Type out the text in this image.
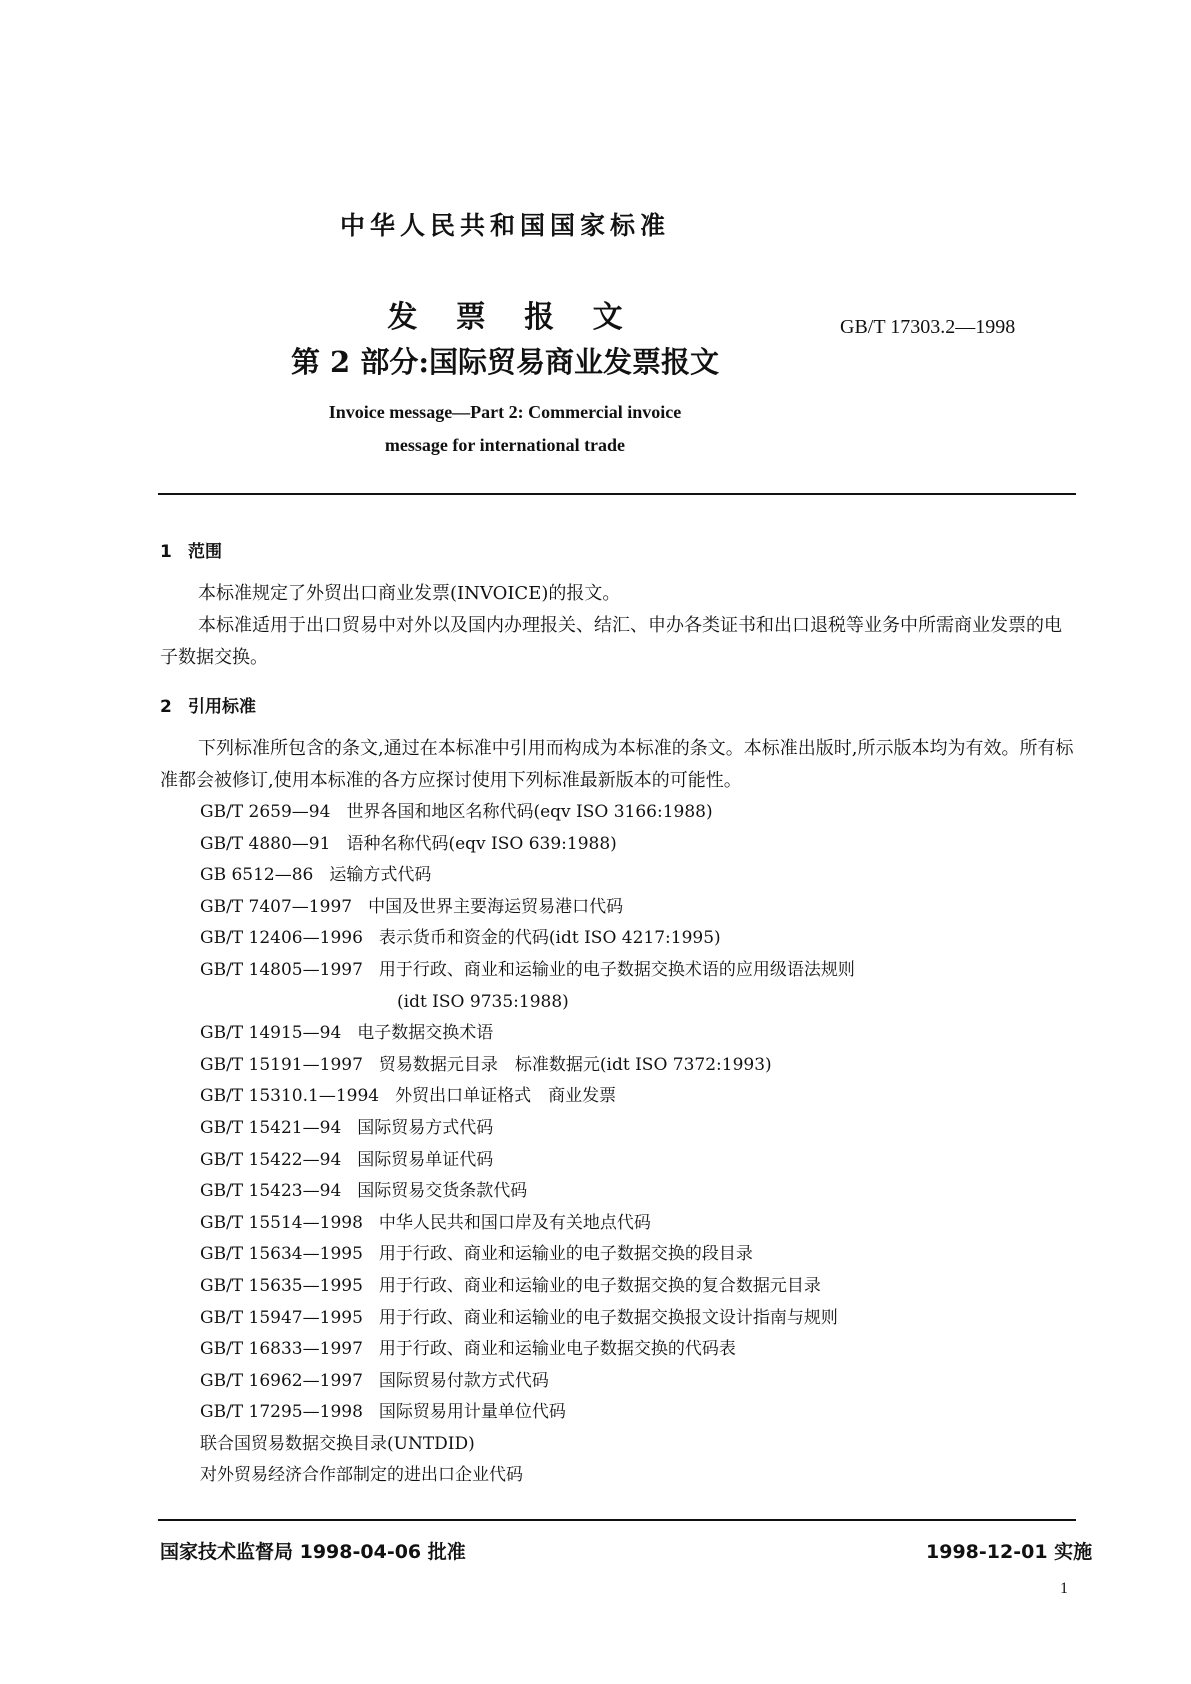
中华人民共和国国家标准
发 票 报 文
第 2 部分:国际贸易商业发票报文
GB/T 17303.2—1998
Invoice message—Part 2: Commercial invoice
message for international trade
1 范围
本标准规定了外贸出口商业发票(INVOICE)的报文。
本标准适用于出口贸易中对外以及国内办理报关、结汇、申办各类证书和出口退税等业务中所需商业发票的电子数据交换。
2 引用标准
下列标准所包含的条文,通过在本标准中引用而构成为本标准的条文。本标准出版时,所示版本均为有效。所有标准都会被修订,使用本标准的各方应探讨使用下列标准最新版本的可能性。
GB/T 2659—94 世界各国和地区名称代码(eqv ISO 3166:1988)
GB/T 4880—91 语种名称代码(eqv ISO 639:1988)
GB 6512—86 运输方式代码
GB/T 7407—1997 中国及世界主要海运贸易港口代码
GB/T 12406—1996 表示货币和资金的代码(idt ISO 4217:1995)
GB/T 14805—1997 用于行政、商业和运输业的电子数据交换术语的应用级语法规则
(idt ISO 9735:1988)
GB/T 14915—94 电子数据交换术语
GB/T 15191—1997 贸易数据元目录　标准数据元(idt ISO 7372:1993)
GB/T 15310.1—1994 外贸出口单证格式　商业发票
GB/T 15421—94 国际贸易方式代码
GB/T 15422—94 国际贸易单证代码
GB/T 15423—94 国际贸易交货条款代码
GB/T 15514—1998 中华人民共和国口岸及有关地点代码
GB/T 15634—1995 用于行政、商业和运输业的电子数据交换的段目录
GB/T 15635—1995 用于行政、商业和运输业的电子数据交换的复合数据元目录
GB/T 15947—1995 用于行政、商业和运输业的电子数据交换报文设计指南与规则
GB/T 16833—1997 用于行政、商业和运输业电子数据交换的代码表
GB/T 16962—1997 国际贸易付款方式代码
GB/T 17295—1998 国际贸易用计量单位代码
联合国贸易数据交换目录(UNTDID)
对外贸易经济合作部制定的进出口企业代码
国家技术监督局 1998-04-06 批准	1998-12-01 实施
1
